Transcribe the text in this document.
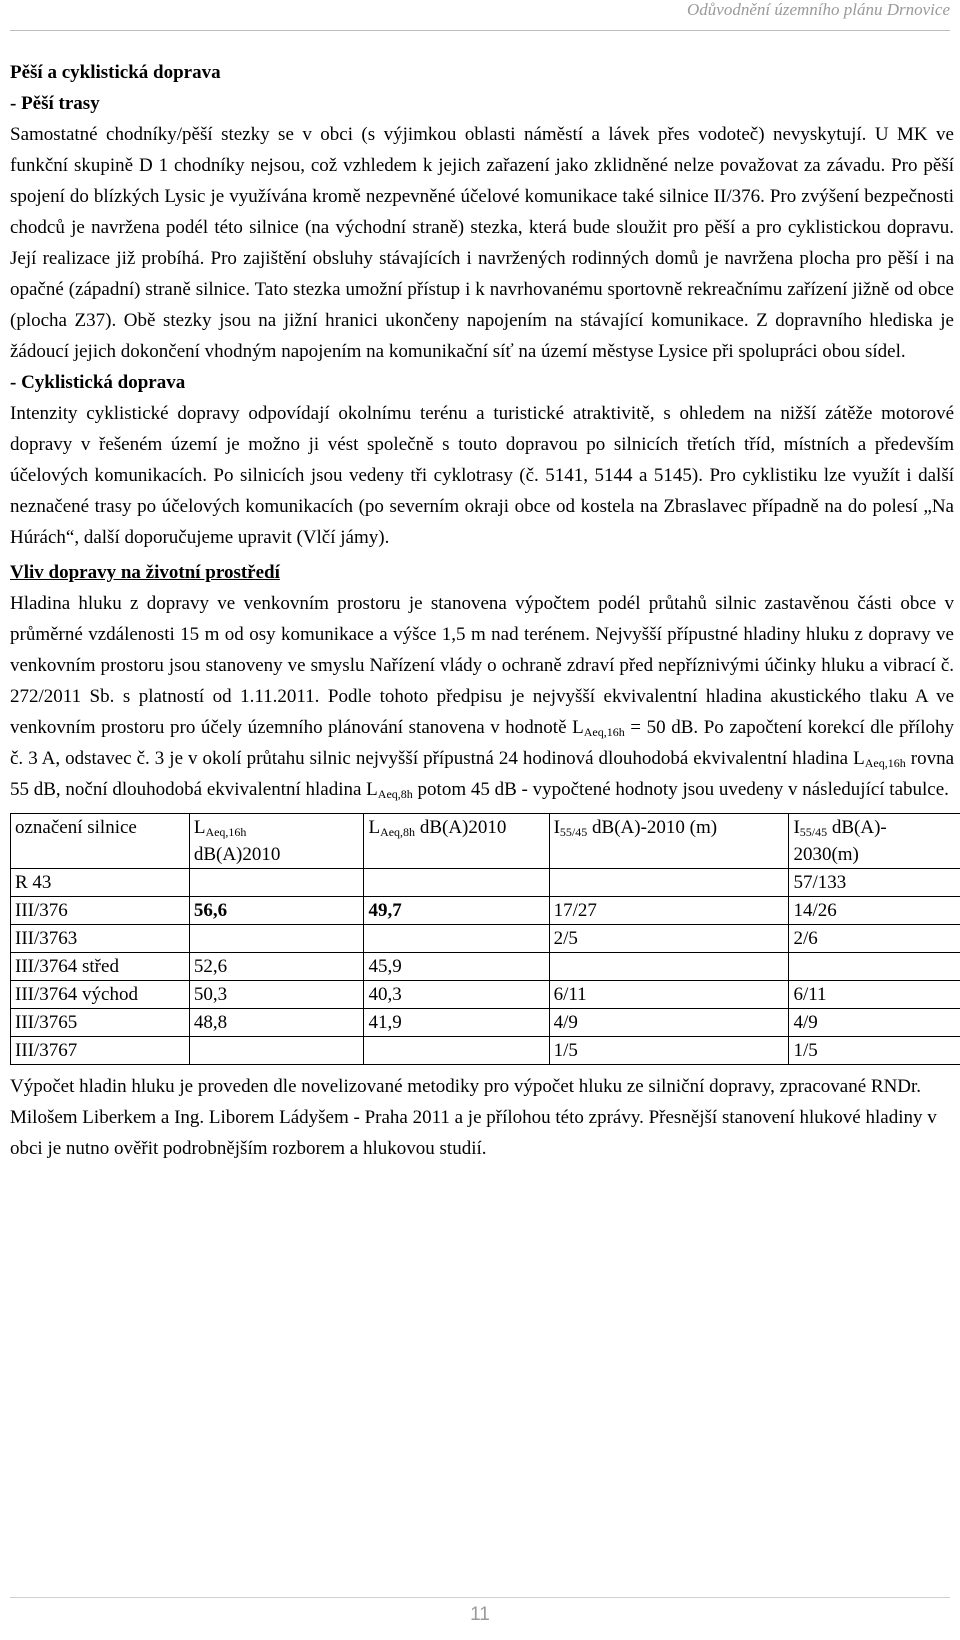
Odůvodnění územního plánu Drnovice

Pěší a cyklistická doprava

- Pěší trasy

Samostatné chodníky/pěší stezky se v obci (s výjimkou oblasti náměstí a lávek přes vodoteč) nevyskytují. U MK ve funkční skupině D 1 chodníky nejsou, což vzhledem k jejich zařazení jako zklidněné nelze považovat za závadu. Pro pěší spojení do blízkých Lysic je využívána kromě nezpevněné účelové komunikace také silnice II/376. Pro zvýšení bezpečnosti chodců je navržena podél této silnice (na východní straně) stezka, která bude sloužit pro pěší a pro cyklistickou dopravu. Její realizace již probíhá. Pro zajištění obsluhy stávajících i navržených rodinných domů je navržena plocha pro pěší i na opačné (západní) straně silnice. Tato stezka umožní přístup i k navrhovanému sportovně rekreačnímu zařízení jižně od obce (plocha Z37). Obě stezky jsou na jižní hranici ukončeny napojením na stávající komunikace. Z dopravního hlediska je žádoucí jejich dokončení vhodným napojením na komunikační síť na území městyse Lysice při spolupráci obou sídel.

- Cyklistická doprava

Intenzity cyklistické dopravy odpovídají okolnímu terénu a turistické atraktivitě, s ohledem na nižší zátěže motorové dopravy v řešeném území je možno ji vést společně s touto dopravou po silnicích třetích tříd, místních a především účelových komunikacích. Po silnicích jsou vedeny tři cyklotrasy (č. 5141, 5144 a 5145). Pro cyklistiku lze využít i další neznačené trasy po účelových komunikacích (po severním okraji obce od kostela na Zbraslavec případně na do polesí „Na Húrách“, další doporučujeme upravit (Vlčí jámy).

Vliv dopravy na životní prostředí

Hladina hluku z dopravy ve venkovním prostoru je stanovena výpočtem podél průtahů silnic zastavěnou části obce v průměrné vzdálenosti 15 m od osy komunikace a výšce 1,5 m nad terénem. Nejvyšší přípustné hladiny hluku z dopravy ve venkovním prostoru jsou stanoveny ve smyslu Nařízení vlády o ochraně zdraví před nepříznivými účinky hluku a vibrací č. 272/2011 Sb. s platností od 1.11.2011. Podle tohoto předpisu je nejvyšší ekvivalentní hladina akustického tlaku A ve venkovním prostoru pro účely územního plánování stanovena v hodnotě $L_{Aeq,16h} = 50$ dB. Po započtení korekcí dle přílohy č. 3 A, odstavec č. 3 je v okolí průtahu silnic nejvyšší přípustná 24 hodinová dlouhodobá ekvivalentní hladina $L_{Aeq,16h}$ rovna 55 dB, noční dlouhodobá ekvivalentní hladina $L_{Aeq,8h}$ potom 45 dB - vypočtené hodnoty jsou uvedeny v následující tabulce.

označení silnice	$L_{Aeq,16h}$
dB(A)2010	$L_{Aeq,8h}$ dB(A)2010	$I_{55/45}$ dB(A)-2010 (m)	$I_{55/45}$ dB(A)-
2030(m)
R 43				57/133
III/376	56,6	49,7	17/27	14/26
III/3763			2/5	2/6
III/3764 střed	52,6	45,9		
III/3764 východ	50,3	40,3	6/11	6/11
III/3765	48,8	41,9	4/9	4/9
III/3767			1/5	1/5

Výpočet hladin hluku je proveden dle novelizované metodiky pro výpočet hluku ze silniční dopravy, zpracované RNDr. Milošem Liberkem a Ing. Liborem Ládyšem - Praha 2011 a je přílohou této zprávy. Přesnější stanovení hlukové hladiny v obci je nutno ověřit podrobnějším rozborem a hlukovou studií.

11
